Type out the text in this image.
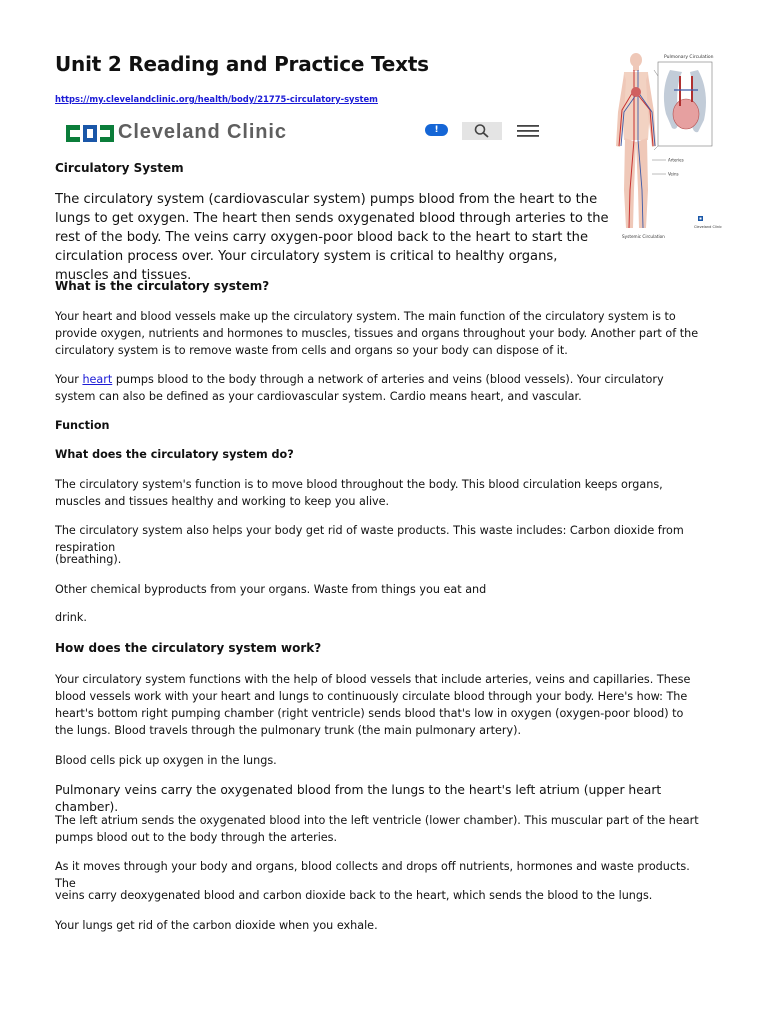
Unit 2 Reading and Practice Texts
https://my.clevelandclinic.org/health/body/21775-circulatory-system
Cleveland Clinic	!
Pulmonary Circulation
Arteries
Veins
Systemic Circulation
Cleveland Clinic

Circulatory System

The circulatory system (cardiovascular system) pumps blood from the heart to the lungs to get oxygen. The heart then sends oxygenated blood through arteries to the rest of the body. The veins carry oxygen-poor blood back to the heart to start the circulation process over. Your circulatory system is critical to healthy organs, muscles and tissues.

What is the circulatory system?

Your heart and blood vessels make up the circulatory system. The main function of the circulatory system is to provide oxygen, nutrients and hormones to muscles, tissues and organs throughout your body. Another part of the circulatory system is to remove waste from cells and organs so your body can dispose of it.

Your heart pumps blood to the body through a network of arteries and veins (blood vessels). Your circulatory system can also be defined as your cardiovascular system. Cardio means heart, and vascular.

Function

What does the circulatory system do?

The circulatory system's function is to move blood throughout the body. This blood circulation keeps organs, muscles and tissues healthy and working to keep you alive.

The circulatory system also helps your body get rid of waste products. This waste includes: Carbon dioxide from respiration

(breathing).

Other chemical byproducts from your organs. Waste from things you eat and

drink.

How does the circulatory system work?

Your circulatory system functions with the help of blood vessels that include arteries, veins and capillaries. These blood vessels work with your heart and lungs to continuously circulate blood through your body. Here's how: The heart's bottom right pumping chamber (right ventricle) sends blood that's low in oxygen (oxygen-poor blood) to the lungs. Blood travels through the pulmonary trunk (the main pulmonary artery).

Blood cells pick up oxygen in the lungs.

Pulmonary veins carry the oxygenated blood from the lungs to the heart's left atrium (upper heart chamber).

The left atrium sends the oxygenated blood into the left ventricle (lower chamber). This muscular part of the heart pumps blood out to the body through the arteries.

As it moves through your body and organs, blood collects and drops off nutrients, hormones and waste products. The

veins carry deoxygenated blood and carbon dioxide back to the heart, which sends the blood to the lungs.

Your lungs get rid of the carbon dioxide when you exhale.
